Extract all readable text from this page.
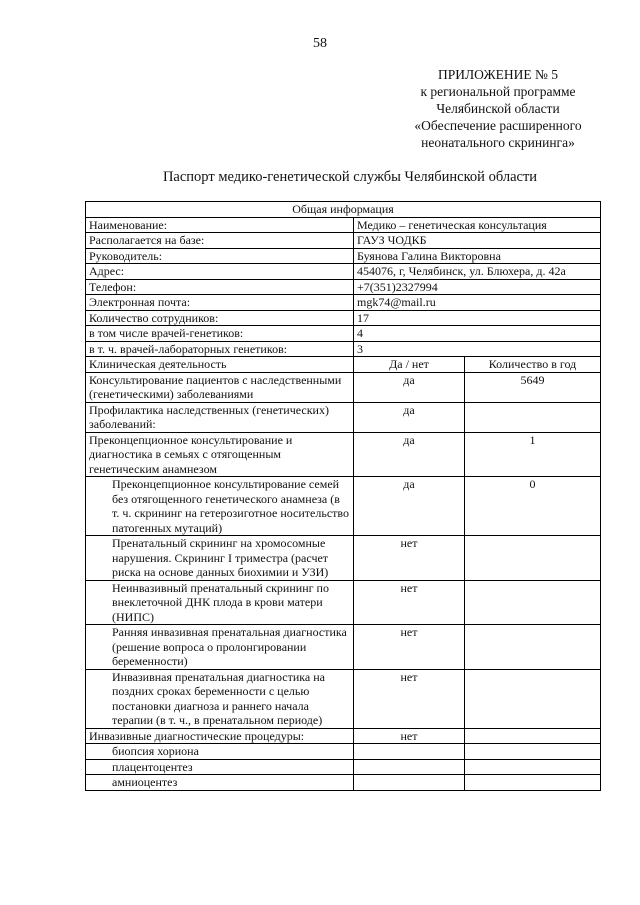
58
ПРИЛОЖЕНИЕ № 5
к региональной программе
Челябинской области
«Обеспечение расширенного
неонатального скрининга»
Паспорт медико-генетической службы Челябинской области
Общая информация		
Наименование:	Медико – генетическая консультация	
Располагается на базе:	ГАУЗ ЧОДКБ	
Руководитель:	Буянова Галина Викторовна	
Адрес:	454076, г, Челябинск, ул. Блюхера, д. 42а	
Телефон:	+7(351)2327994	
Электронная почта:	mgk74@mail.ru	
Количество сотрудников:	17	
в том числе врачей-генетиков:	4	
в т. ч. врачей-лабораторных генетиков:	3	
Клиническая деятельность	Да / нет	Количество в год
Консультирование пациентов с наследственными (генетическими) заболеваниями	да	5649
Профилактика наследственных (генетических) заболеваний:	да	
Преконцепционное консультирование и диагностика в семьях с отягощенным генетическим анамнезом	да	1
Преконцепционное консультирование семей без отягощенного генетического анамнеза (в т. ч. скрининг на гетерозиготное носительство патогенных мутаций)	да	0
Пренатальный скрининг на хромосомные нарушения. Скрининг I триместра (расчет риска на основе данных биохимии и УЗИ)	нет	
Неинвазивный пренатальный скрининг по внеклеточной ДНК плода в крови матери (НИПС)	нет	
Ранняя инвазивная пренатальная диагностика (решение вопроса о пролонгировании беременности)	нет	
Инвазивная пренатальная диагностика на поздних сроках беременности с целью постановки диагноза и раннего начала терапии (в т. ч., в пренатальном периоде)	нет	
Инвазивные диагностические процедуры:	нет	
биопсия хориона		
плацентоцентез		
амниоцентез		
